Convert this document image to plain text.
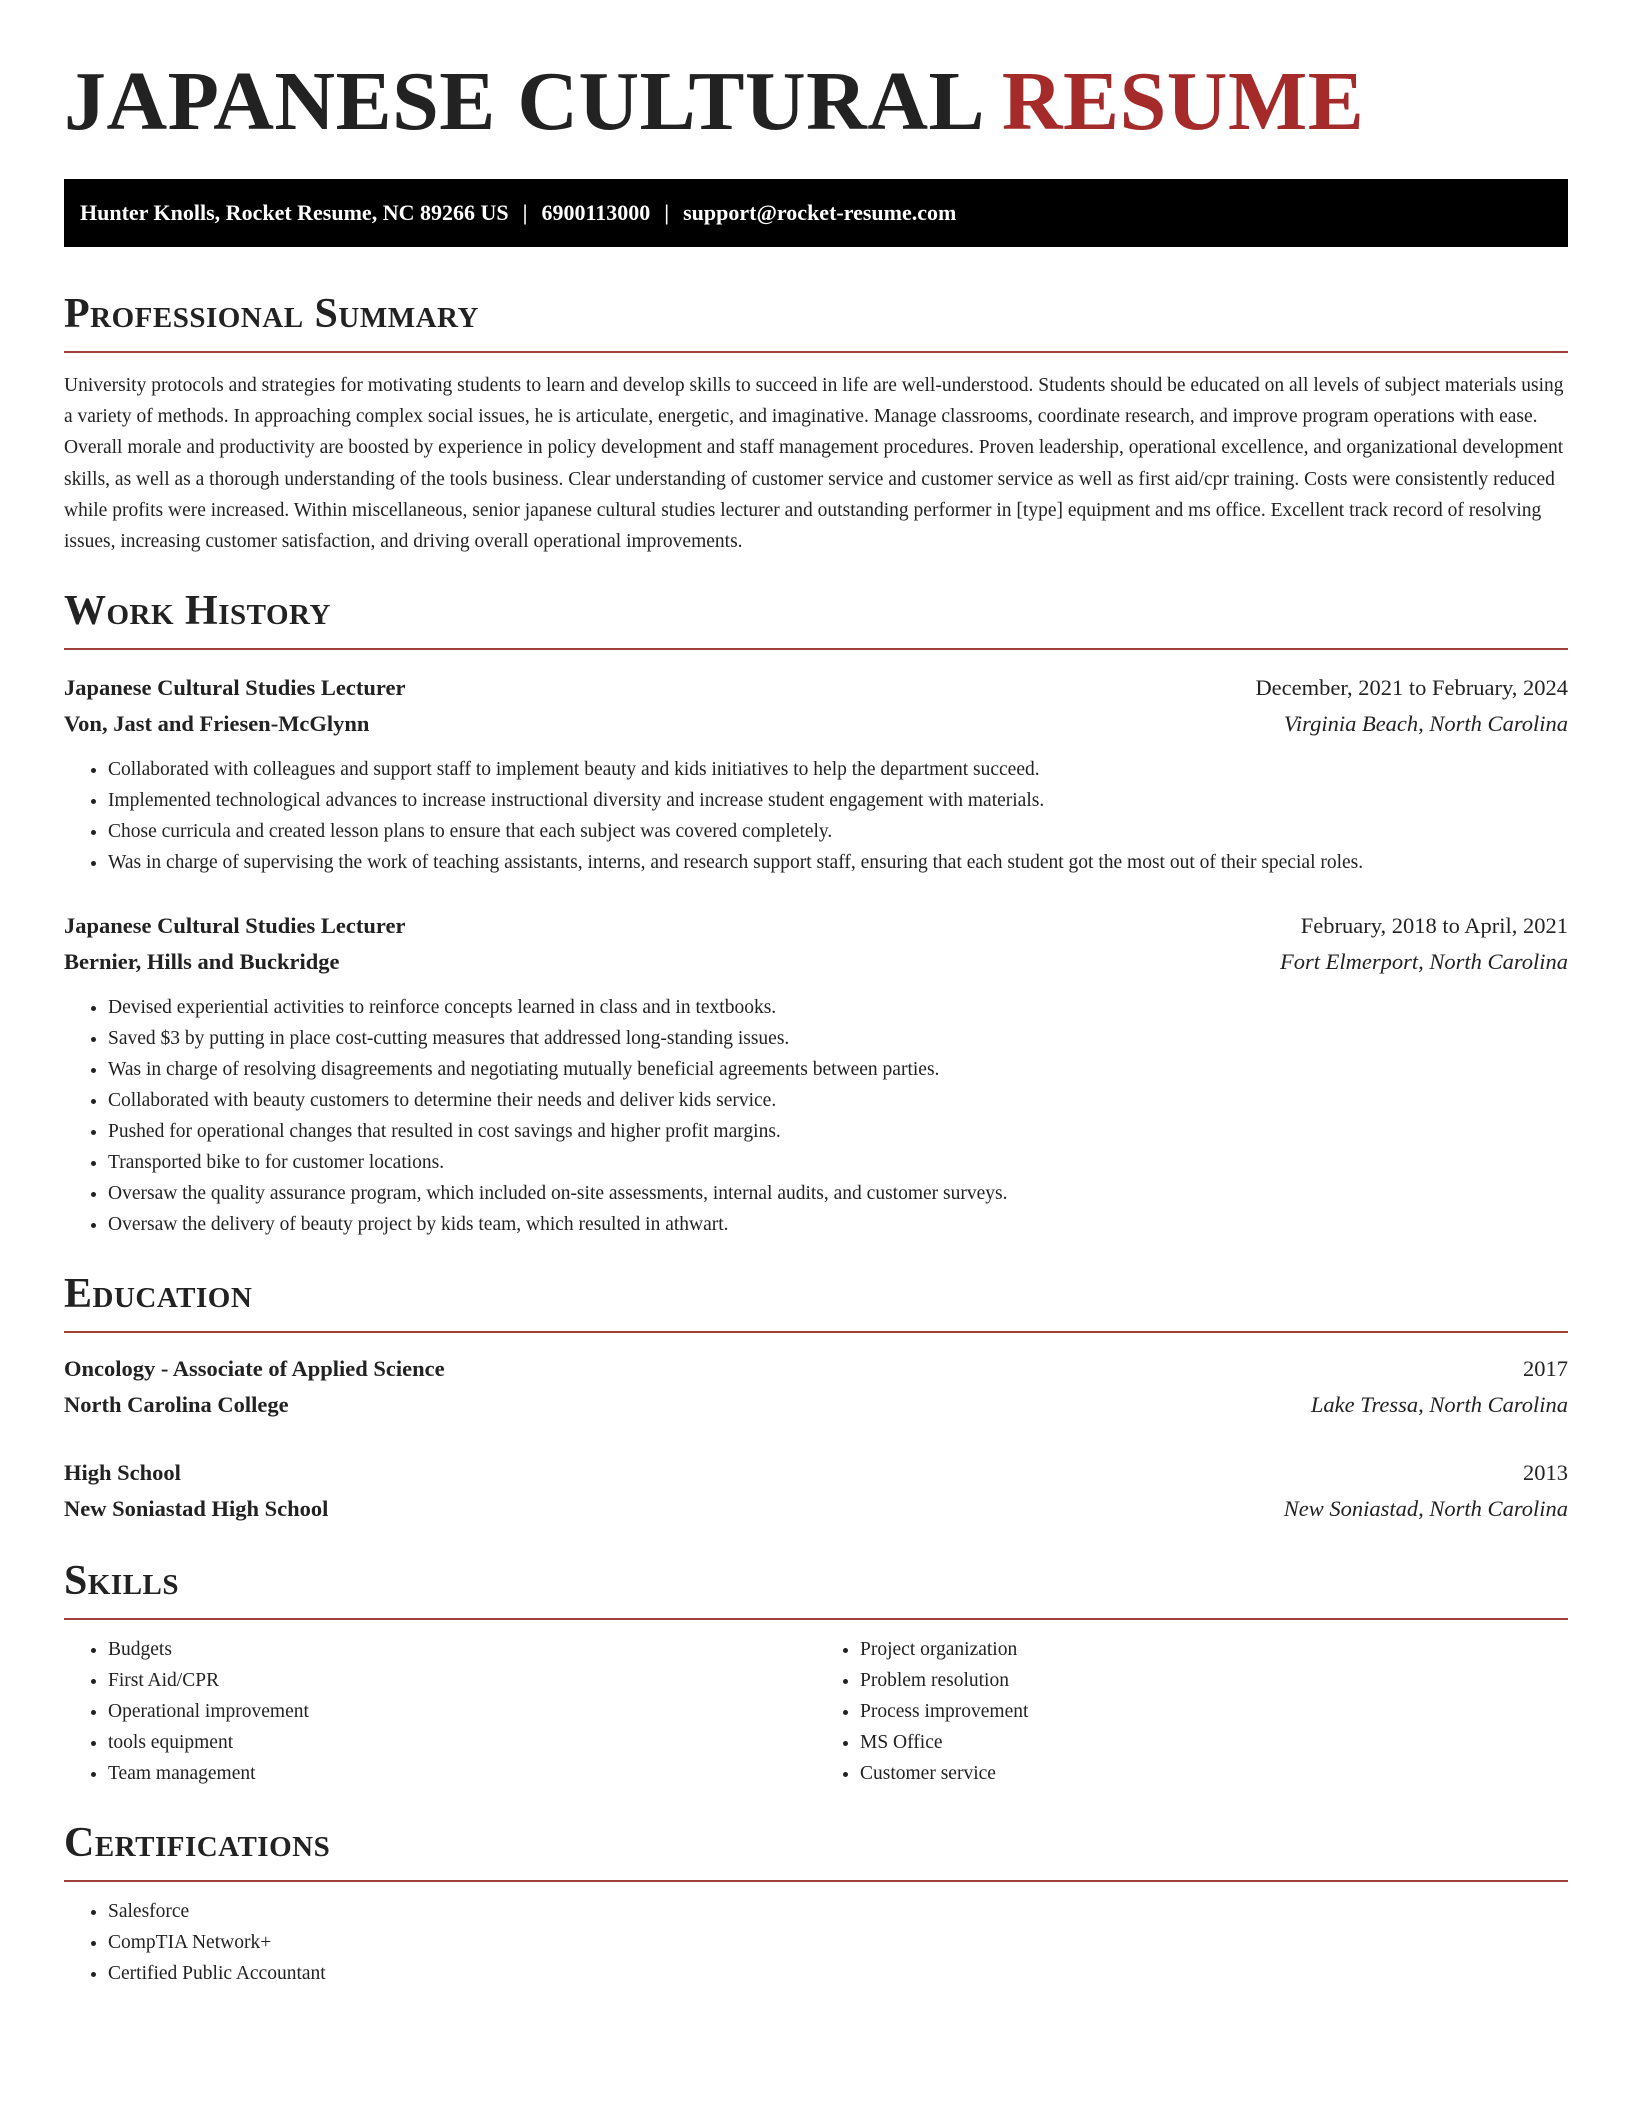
JAPANESE CULTURAL RESUME
Hunter Knolls, Rocket Resume, NC 89266 US | 6900113000 | support@rocket-resume.com
Professional Summary

University protocols and strategies for motivating students to learn and develop skills to succeed in life are well-understood. Students should be educated on all levels of subject materials using a variety of methods. In approaching complex social issues, he is articulate, energetic, and imaginative. Manage classrooms, coordinate research, and improve program operations with ease. Overall morale and productivity are boosted by experience in policy development and staff management procedures. Proven leadership, operational excellence, and organizational development skills, as well as a thorough understanding of the tools business. Clear understanding of customer service and customer service as well as first aid/cpr training. Costs were consistently reduced while profits were increased. Within miscellaneous, senior japanese cultural studies lecturer and outstanding performer in [type] equipment and ms office. Excellent track record of resolving issues, increasing customer satisfaction, and driving overall operational improvements.

Work History
Japanese Cultural Studies Lecturer	December, 2021 to February, 2024
Von, Jast and Friesen-McGlynn	Virginia Beach, North Carolina
• Collaborated with colleagues and support staff to implement beauty and kids initiatives to help the department succeed.
• Implemented technological advances to increase instructional diversity and increase student engagement with materials.
• Chose curricula and created lesson plans to ensure that each subject was covered completely.
• Was in charge of supervising the work of teaching assistants, interns, and research support staff, ensuring that each student got the most out of their special roles.
Japanese Cultural Studies Lecturer	February, 2018 to April, 2021
Bernier, Hills and Buckridge	Fort Elmerport, North Carolina
• Devised experiential activities to reinforce concepts learned in class and in textbooks.
• Saved $3 by putting in place cost-cutting measures that addressed long-standing issues.
• Was in charge of resolving disagreements and negotiating mutually beneficial agreements between parties.
• Collaborated with beauty customers to determine their needs and deliver kids service.
• Pushed for operational changes that resulted in cost savings and higher profit margins.
• Transported bike to for customer locations.
• Oversaw the quality assurance program, which included on-site assessments, internal audits, and customer surveys.
• Oversaw the delivery of beauty project by kids team, which resulted in athwart.
Education
Oncology - Associate of Applied Science	2017
North Carolina College	Lake Tressa, North Carolina
High School	2013
New Soniastad High School	New Soniastad, North Carolina
Skills
• Budgets
• First Aid/CPR
• Operational improvement
• tools equipment
• Team management
• Project organization
• Problem resolution
• Process improvement
• MS Office
• Customer service
Certifications
• Salesforce
• CompTIA Network+
• Certified Public Accountant
